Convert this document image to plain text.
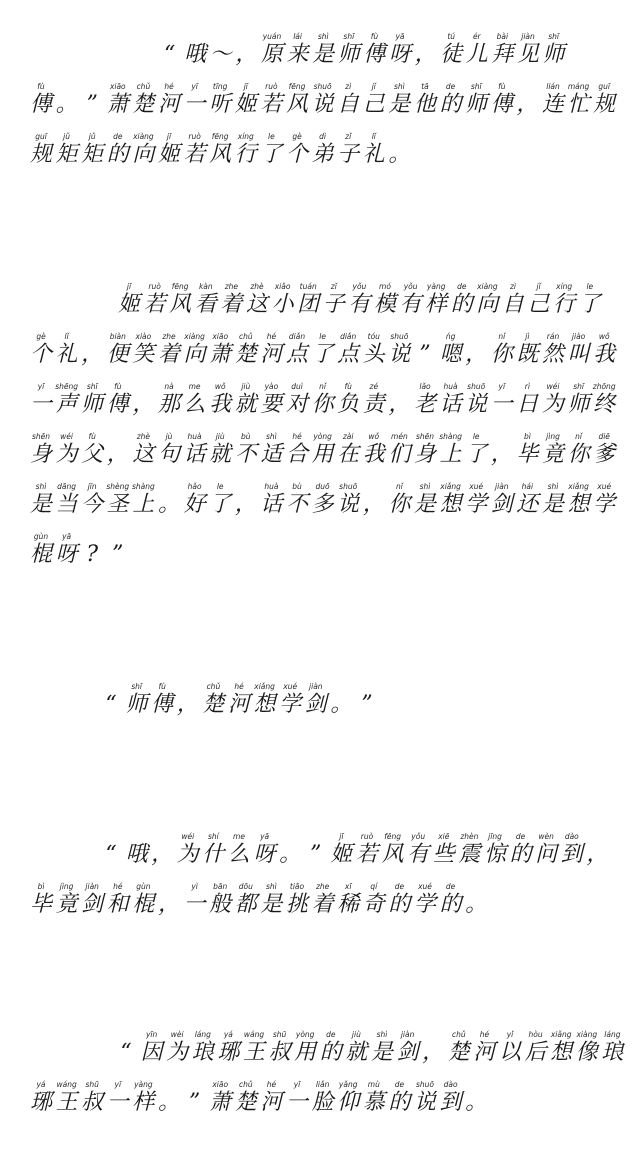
“ 哦 ～ ，
yuán
原
lái
来
shì
是
shī
师
fù
傅
yā
呀 ，
tú
徒
ér
儿
bài
拜
jiàn
见
shī
师
fù
傅 。 ”
xiāo
萧
chǔ
楚
hé
河
yī
一
tīng
听
jī
姬
ruò
若
fēng
风
shuō
说
zì
自
jǐ
己
shì
是
tā
他
de
的
shī
师
fù
傅 ，
lián
连
máng
忙
guī
规
guī
规
jǔ
矩
jǔ
矩
de
的
xiàng
向
jī
姬
ruò
若
fēng
风
xíng
行
le
了
gè
个
dì
弟
zǐ
子
lǐ
礼 。
jī
姬
ruò
若
fēng
风
kàn
看
zhe
着
zhè
这
xiǎo
小
tuán
团
zǐ
子
yǒu
有
mó
模
yǒu
有
yàng
样
de
的
xiàng
向
zì
自
jǐ
己
xíng
行
le
了
gè
个
lǐ
礼 ，
biàn
便
xiào
笑
zhe
着
xiàng
向
xiāo
萧
chǔ
楚
hé
河
diǎn
点
le
了
diǎn
点
tóu
头
shuō
说 ”
ńg
嗯 ，
nǐ
你
jì
既
rán
然
jiào
叫
wǒ
我
yī
一
shēng
声
shī
师
fù
傅 ，
nà
那
me
么
wǒ
我
jiù
就
yào
要
duì
对
nǐ
你
fù
负
zé
责 ，
lǎo
老
huà
话
shuō
说
yī
一
rì
日
wéi
为
shī
师
zhōng
终
shēn
身
wéi
为
fù
父 ，
zhè
这
jù
句
huà
话
jiù
就
bù
不
shì
适
hé
合
yòng
用
zài
在
wǒ
我
mén
们
shēn
身
shàng
上
le
了 ，
bì
毕
jìng
竟
nǐ
你
diē
爹
shì
是
dāng
当
jīn
今
shèng
圣
shàng
上 。
hǎo
好
le
了 ，
huà
话
bù
不
duō
多
shuō
说 ，
nǐ
你
shì
是
xiǎng
想
xué
学
jiàn
剑
hái
还
shì
是
xiǎng
想
xué
学
gùn
棍
yā
呀 ? ”
“
shī
师
fù
傅 ，
chǔ
楚
hé
河
xiǎng
想
xué
学
jiàn
剑 。 ”
“ 哦 ，
wéi
为
shí
什
me
么
yā
呀 。 ”
jī
姬
ruò
若
fēng
风
yǒu
有
xiē
些
zhèn
震
jīng
惊
de
的
wèn
问
dào
到 ，
bì
毕
jìng
竟
jiàn
剑
hé
和
gùn
棍 ，
yì
一
bān
般
dōu
都
shì
是
tiāo
挑
zhe
着
xī
稀
qí
奇
de
的
xué
学
de
的 。
“
yīn
因
wèi
为
láng
琅
yá
琊
wáng
王
shū
叔
yòng
用
de
的
jiù
就
shì
是
jiàn
剑 ，
chǔ
楚
hé
河
yǐ
以
hòu
后
xiǎng
想
xiàng
像
láng
琅
yá
琊
wáng
王
shū
叔
yī
一
yàng
样 。 ”
xiāo
萧
chǔ
楚
hé
河
yī
一
liǎn
脸
yǎng
仰
mù
慕
de
的
shuō
说
dào
到 。
